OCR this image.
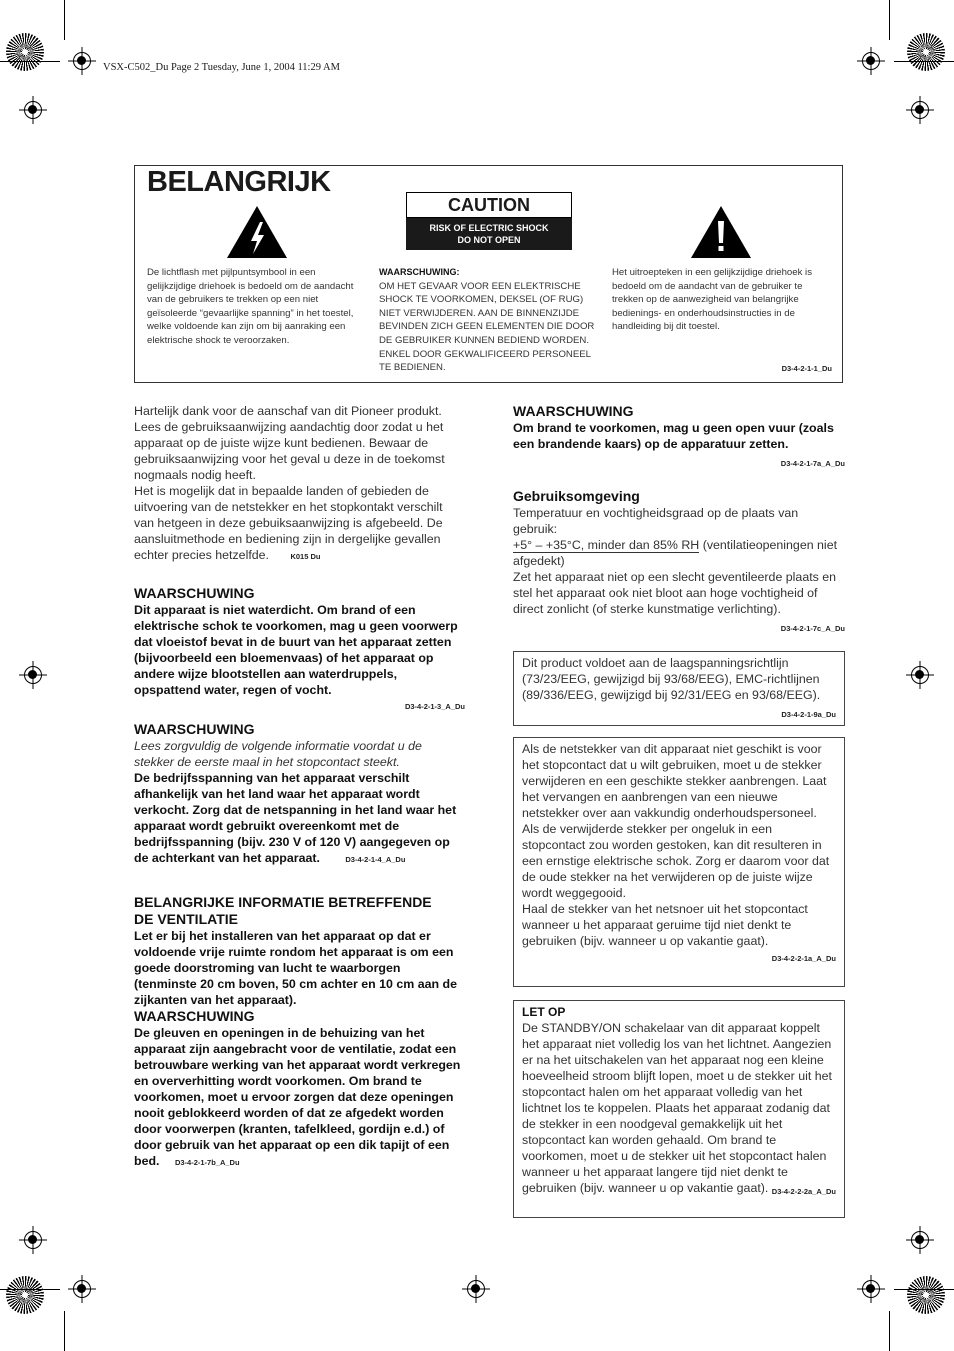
VSX-C502_Du Page 2 Tuesday, June 1, 2004 11:29 AM
BELANGRIJK
CAUTION
RISK OF ELECTRIC SHOCK
DO NOT OPEN
De lichtflash met pijlpuntsymbool in een gelijkzijdige driehoek is bedoeld om de aandacht van de gebruikers te trekken op een niet geïsoleerde “gevaarlijke spanning” in het toestel, welke voldoende kan zijn om bij aanraking een elektrische shock te veroorzaken.
WAARSCHUWING:
OM HET GEVAAR VOOR EEN ELEKTRISCHE SHOCK TE VOORKOMEN, DEKSEL (OF RUG) NIET VERWIJDEREN. AAN DE BINNENZIJDE BEVINDEN ZICH GEEN ELEMENTEN DIE DOOR DE GEBRUIKER KUNNEN BEDIEND WORDEN. ENKEL DOOR GEKWALIFICEERD PERSONEEL TE BEDIENEN.
Het uitroepteken in een gelijkzijdige driehoek is bedoeld om de aandacht van de gebruiker te trekken op de aanwezigheid van belangrijke bedienings- en onderhoudsinstructies in de handleiding bij dit toestel.
D3-4-2-1-1_Du
Hartelijk dank voor de aanschaf van dit Pioneer produkt. Lees de gebruiksaanwijzing aandachtig door zodat u het apparaat op de juiste wijze kunt bedienen. Bewaar de gebruiksaanwijzing voor het geval u deze in de toekomst nogmaals nodig heeft.
Het is mogelijk dat in bepaalde landen of gebieden de uitvoering van de netstekker en het stopkontakt verschilt van hetgeen in deze gebuiksaanwijzing is afgebeeld. De aansluitmethode en bediening zijn in dergelijke gevallen echter precies hetzelfde.	K015 Du
WAARSCHUWING
Dit apparaat is niet waterdicht. Om brand of een elektrische schok te voorkomen, mag u geen voorwerp dat vloeistof bevat in de buurt van het apparaat zetten (bijvoorbeeld een bloemenvaas) of het apparaat op andere wijze blootstellen aan waterdruppels, opspattend water, regen of vocht.
D3-4-2-1-3_A_Du
WAARSCHUWING
Lees zorgvuldig de volgende informatie voordat u de stekker de eerste maal in het stopcontact steekt.
De bedrijfsspanning van het apparaat verschilt afhankelijk van het land waar het apparaat wordt verkocht. Zorg dat de netspanning in het land waar het apparaat wordt gebruikt overeenkomt met de bedrijfsspanning (bijv. 230 V of 120 V) aangegeven op de achterkant van het apparaat.	D3-4-2-1-4_A_Du
BELANGRIJKE INFORMATIE BETREFFENDE
DE VENTILATIE
Let er bij het installeren van het apparaat op dat er voldoende vrije ruimte rondom het apparaat is om een goede doorstroming van lucht te waarborgen (tenminste 20 cm boven, 50 cm achter en 10 cm aan de zijkanten van het apparaat).
WAARSCHUWING
De gleuven en openingen in de behuizing van het apparaat zijn aangebracht voor de ventilatie, zodat een betrouwbare werking van het apparaat wordt verkregen en oververhitting wordt voorkomen. Om brand te voorkomen, moet u ervoor zorgen dat deze openingen nooit geblokkeerd worden of dat ze afgedekt worden door voorwerpen (kranten, tafelkleed, gordijn e.d.) of door gebruik van het apparaat op een dik tapijt of een bed. D3-4-2-1-7b_A_Du
WAARSCHUWING
Om brand te voorkomen, mag u geen open vuur (zoals een brandende kaars) op de apparatuur zetten.
D3-4-2-1-7a_A_Du
Gebruiksomgeving
Temperatuur en vochtigheidsgraad op de plaats van gebruik:
+5° – +35°C, minder dan 85% RH (ventilatieopeningen niet afgedekt)
Zet het apparaat niet op een slecht geventileerde plaats en stel het apparaat ook niet bloot aan hoge vochtigheid of direct zonlicht (of sterke kunstmatige verlichting).
D3-4-2-1-7c_A_Du
Dit product voldoet aan de laagspanningsrichtlijn (73/23/EEG, gewijzigd bij 93/68/EEG), EMC-richtlijnen (89/336/EEG, gewijzigd bij 92/31/EEG en 93/68/EEG).
D3-4-2-1-9a_Du
Als de netstekker van dit apparaat niet geschikt is voor het stopcontact dat u wilt gebruiken, moet u de stekker verwijderen en een geschikte stekker aanbrengen. Laat het vervangen en aanbrengen van een nieuwe netstekker over aan vakkundig onderhoudspersoneel. Als de verwijderde stekker per ongeluk in een stopcontact zou worden gestoken, kan dit resulteren in een ernstige elektrische schok. Zorg er daarom voor dat de oude stekker na het verwijderen op de juiste wijze wordt weggegooid.
Haal de stekker van het netsnoer uit het stopcontact wanneer u het apparaat geruime tijd niet denkt te gebruiken (bijv. wanneer u op vakantie gaat).
D3-4-2-2-1a_A_Du
LET OP
De STANDBY/ON schakelaar van dit apparaat koppelt het apparaat niet volledig los van het lichtnet. Aangezien er na het uitschakelen van het apparaat nog een kleine hoeveelheid stroom blijft lopen, moet u de stekker uit het stopcontact halen om het apparaat volledig van het lichtnet los te koppelen. Plaats het apparaat zodanig dat de stekker in een noodgeval gemakkelijk uit het stopcontact kan worden gehaald. Om brand te voorkomen, moet u de stekker uit het stopcontact halen wanneer u het apparaat langere tijd niet denkt te gebruiken (bijv. wanneer u op vakantie gaat). D3-4-2-2-2a_A_Du
